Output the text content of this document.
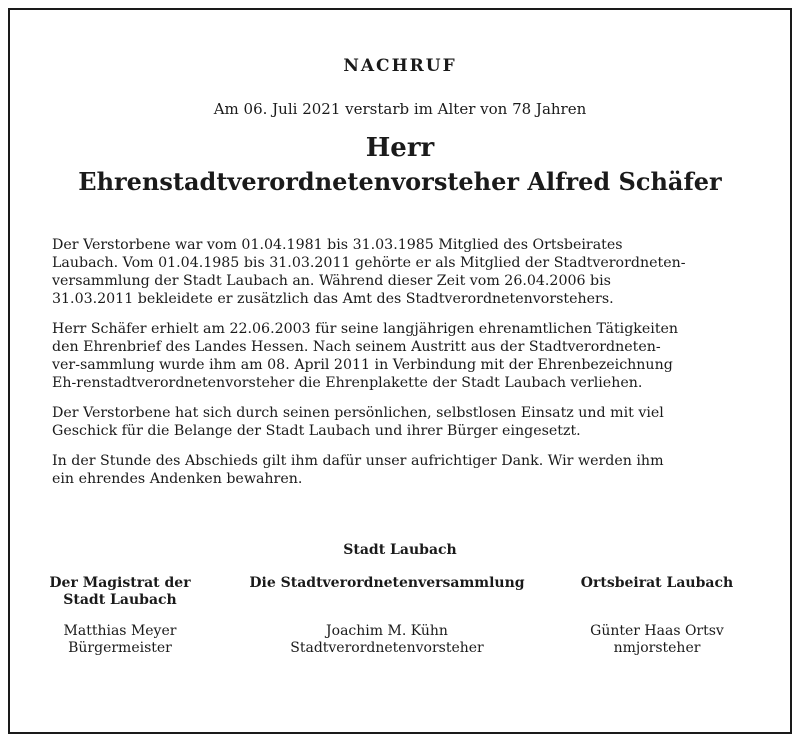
NACHRUF
Am 06. Juli 2021 verstarb im Alter von 78 Jahren
Herr
Ehrenstadtverordnetenvorsteher Alfred Schäfer

Der Verstorbene war vom 01.04.1981 bis 31.03.1985 Mitglied des Ortsbeirates
Laubach. Vom 01.04.1985 bis 31.03.2011 gehörte er als Mitglied der Stadtverordneten-
versammlung der Stadt Laubach an. Während dieser Zeit vom 26.04.2006 bis
31.03.2011 bekleidete er zusätzlich das Amt des Stadtverordnetenvorstehers.

Herr Schäfer erhielt am 22.06.2003 für seine langjährigen ehrenamtlichen Tätigkeiten
den Ehrenbrief des Landes Hessen. Nach seinem Austritt aus der Stadtverordneten-
ver-sammlung wurde ihm am 08. April 2011 in Verbindung mit der Ehrenbezeichnung
Eh-renstadtverordnetenvorsteher die Ehrenplakette der Stadt Laubach verliehen.

Der Verstorbene hat sich durch seinen persönlichen, selbstlosen Einsatz und mit viel
Geschick für die Belange der Stadt Laubach und ihrer Bürger eingesetzt.

In der Stunde des Abschieds gilt ihm dafür unser aufrichtiger Dank. Wir werden ihm
ein ehrendes Andenken bewahren.

Stadt Laubach
Der Magistrat der
Stadt Laubach
Die Stadtverordnetenversammlung	Ortsbeirat Laubach
Matthias Meyer Bürgermeister
Joachim M. Kühn Stadtverordnetenvorsteher
Günter Haas Ortsv nmjorsteher
